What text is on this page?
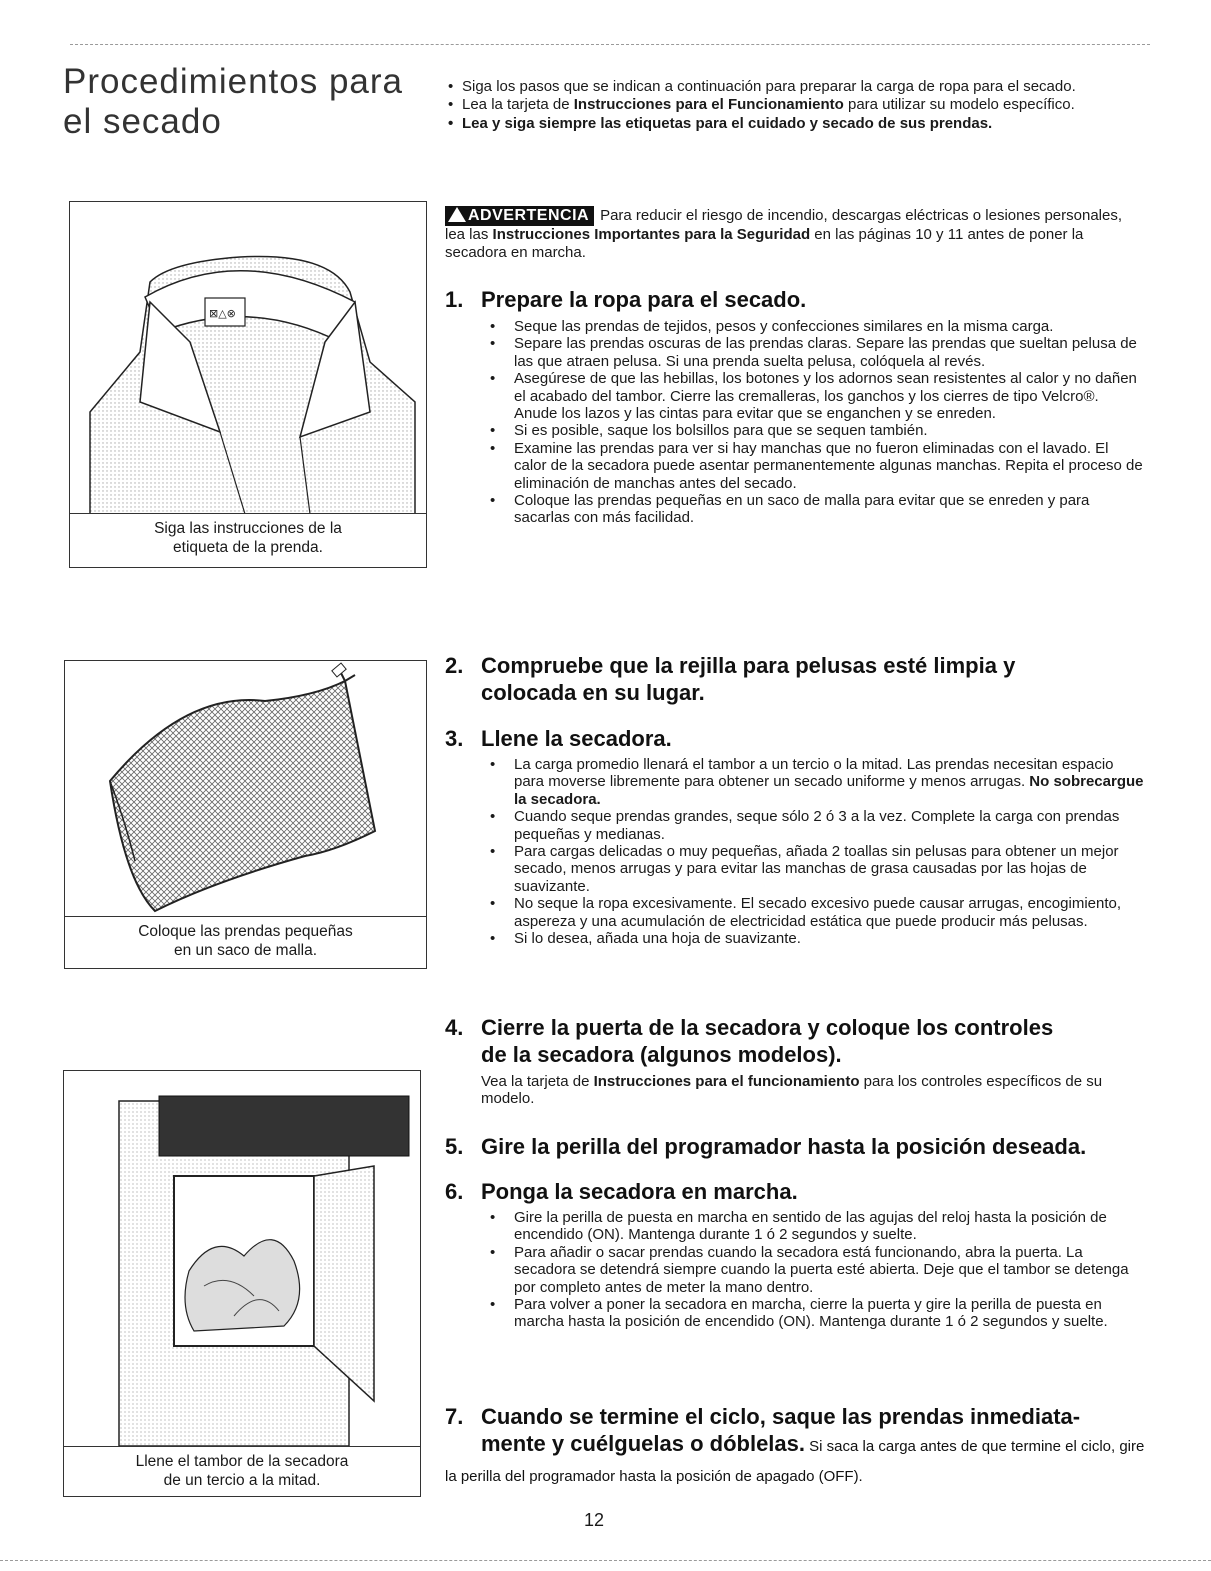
Procedimientos para el secado
⊠△⊗
Siga las instrucciones de la
etiqueta de la prenda.
Coloque las prendas pequeñas
en un saco de malla.
Llene el tambor de la secadora
de un tercio a la mitad.
• Siga los pasos que se indican a continuación para preparar la carga de ropa para el secado.
• Lea la tarjeta de Instrucciones para el Funcionamiento para utilizar su modelo específico.
• Lea y siga siempre las etiquetas para el cuidado y secado de sus prendas.
ADVERTENCIA Para reducir el riesgo de incendio, descargas eléctricas o lesiones personales, lea las Instrucciones Importantes para la Seguridad en las páginas 10 y 11 antes de poner la secadora en marcha.
1. Prepare la ropa para el secado.
• Seque las prendas de tejidos, pesos y confecciones similares en la misma carga.
• Separe las prendas oscuras de las prendas claras. Separe las prendas que sueltan pelusa de las que atraen pelusa. Si una prenda suelta pelusa, colóquela al revés.
• Asegúrese de que las hebillas, los botones y los adornos sean resistentes al calor y no dañen el acabado del tambor. Cierre las cremalleras, los ganchos y los cierres de tipo Velcro®. Anude los lazos y las cintas para evitar que se enganchen y se enreden.
• Si es posible, saque los bolsillos para que se sequen también.
• Examine las prendas para ver si hay manchas que no fueron eliminadas con el lavado. El calor de la secadora puede asentar permanentemente algunas manchas. Repita el proceso de eliminación de manchas antes del secado.
• Coloque las prendas pequeñas en un saco de malla para evitar que se enreden y para sacarlas con más facilidad.
2. Compruebe que la rejilla para pelusas esté limpia y
colocada en su lugar.
3. Llene la secadora.
• La carga promedio llenará el tambor a un tercio o la mitad. Las prendas necesitan espacio para moverse libremente para obtener un secado uniforme y menos arrugas. No sobrecargue la secadora.
• Cuando seque prendas grandes, seque sólo 2 ó 3 a la vez. Complete la carga con prendas pequeñas y medianas.
• Para cargas delicadas o muy pequeñas, añada 2 toallas sin pelusas para obtener un mejor secado, menos arrugas y para evitar las manchas de grasa causadas por las hojas de suavizante.
• No seque la ropa excesivamente. El secado excesivo puede causar arrugas, encogimiento, aspereza y una acumulación de electricidad estática que puede producir más pelusas.
• Si lo desea, añada una hoja de suavizante.
4. Cierre la puerta de la secadora y coloque los controles
de la secadora (algunos modelos).

Vea la tarjeta de Instrucciones para el funcionamiento para los controles específicos de su modelo.

5. Gire la perilla del programador hasta la posición deseada.
6. Ponga la secadora en marcha.
• Gire la perilla de puesta en marcha en sentido de las agujas del reloj hasta la posición de encendido (ON). Mantenga durante 1 ó 2 segundos y suelte.
• Para añadir o sacar prendas cuando la secadora está funcionando, abra la puerta. La secadora se detendrá siempre cuando la puerta esté abierta. Deje que el tambor se detenga por completo antes de meter la mano dentro.
• Para volver a poner la secadora en marcha, cierre la puerta y gire la perilla de puesta en marcha hasta la posición de encendido (ON). Mantenga durante 1 ó 2 segundos y suelte.
7. Cuando se termine el ciclo, saque las prendas inmediata-
mente y cuélguelas o dóblelas. Si saca la carga antes de que termine el ciclo, gire la perilla del programador hasta la posición de apagado (OFF).
12
